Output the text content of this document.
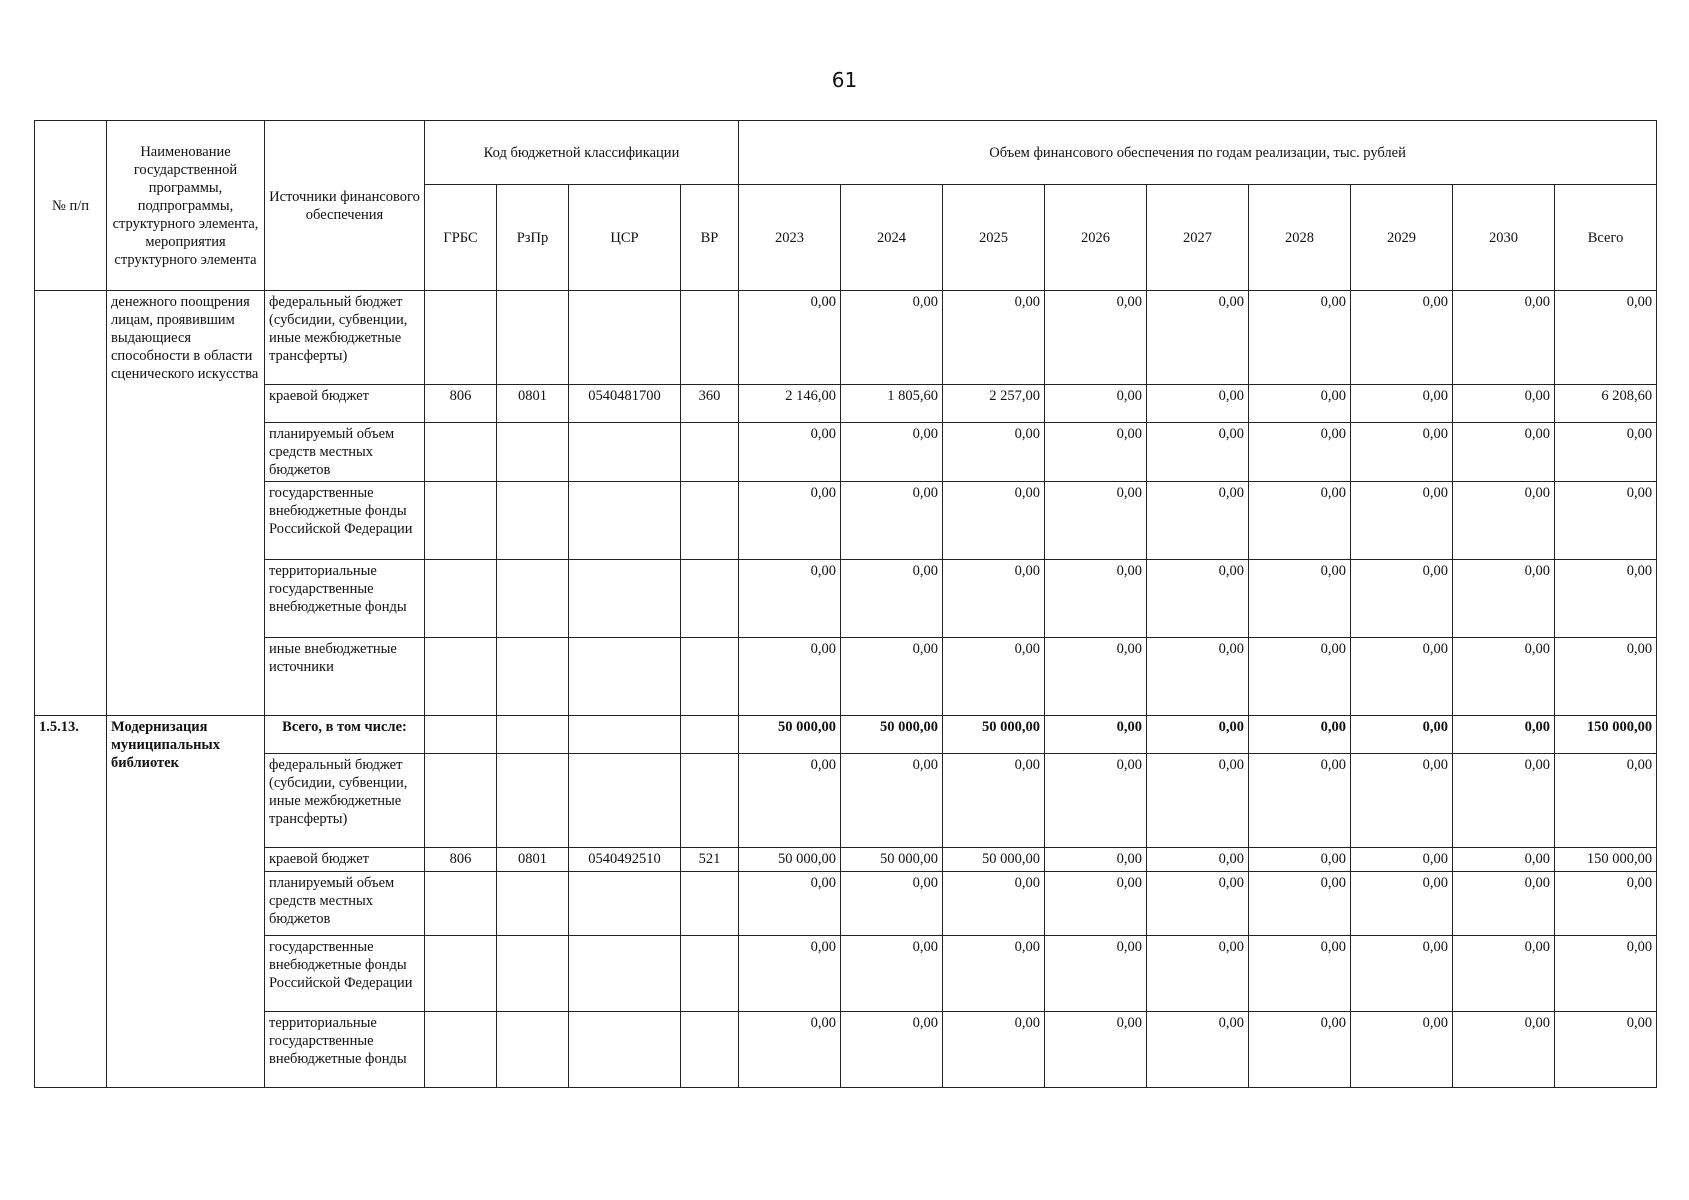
61
№ п/п	Наименование государственной программы, подпрограммы, структурного элемента, мероприятия структурного элемента	Источники финансового обеспечения	Код бюджетной классификации				Объем финансового обеспечения по годам реализации, тыс. рублей								
			ГРБС	РзПр	ЦСР	ВР	2023	2024	2025	2026	2027	2028	2029	2030	Всего
	денежного поощрения лицам, проявившим выдающиеся способности в области сценического искусства	федеральный бюджет (субсидии, субвенции, иные межбюджетные трансферты)					0,00	0,00	0,00	0,00	0,00	0,00	0,00	0,00	0,00
		краевой бюджет	806	0801	0540481700	360	2 146,00	1 805,60	2 257,00	0,00	0,00	0,00	0,00	0,00	6 208,60
		планируемый объем средств местных бюджетов					0,00	0,00	0,00	0,00	0,00	0,00	0,00	0,00	0,00
		государственные внебюджетные фонды Российской Федерации					0,00	0,00	0,00	0,00	0,00	0,00	0,00	0,00	0,00
		территориальные государственные внебюджетные фонды					0,00	0,00	0,00	0,00	0,00	0,00	0,00	0,00	0,00
		иные внебюджетные источники					0,00	0,00	0,00	0,00	0,00	0,00	0,00	0,00	0,00
1.5.13.	Модернизация муниципальных библиотек	Всего, в том числе:					50 000,00	50 000,00	50 000,00	0,00	0,00	0,00	0,00	0,00	150 000,00
		федеральный бюджет (субсидии, субвенции, иные межбюджетные трансферты)					0,00	0,00	0,00	0,00	0,00	0,00	0,00	0,00	0,00
		краевой бюджет	806	0801	0540492510	521	50 000,00	50 000,00	50 000,00	0,00	0,00	0,00	0,00	0,00	150 000,00
		планируемый объем средств местных бюджетов					0,00	0,00	0,00	0,00	0,00	0,00	0,00	0,00	0,00
		государственные внебюджетные фонды Российской Федерации					0,00	0,00	0,00	0,00	0,00	0,00	0,00	0,00	0,00
		территориальные государственные внебюджетные фонды					0,00	0,00	0,00	0,00	0,00	0,00	0,00	0,00	0,00
